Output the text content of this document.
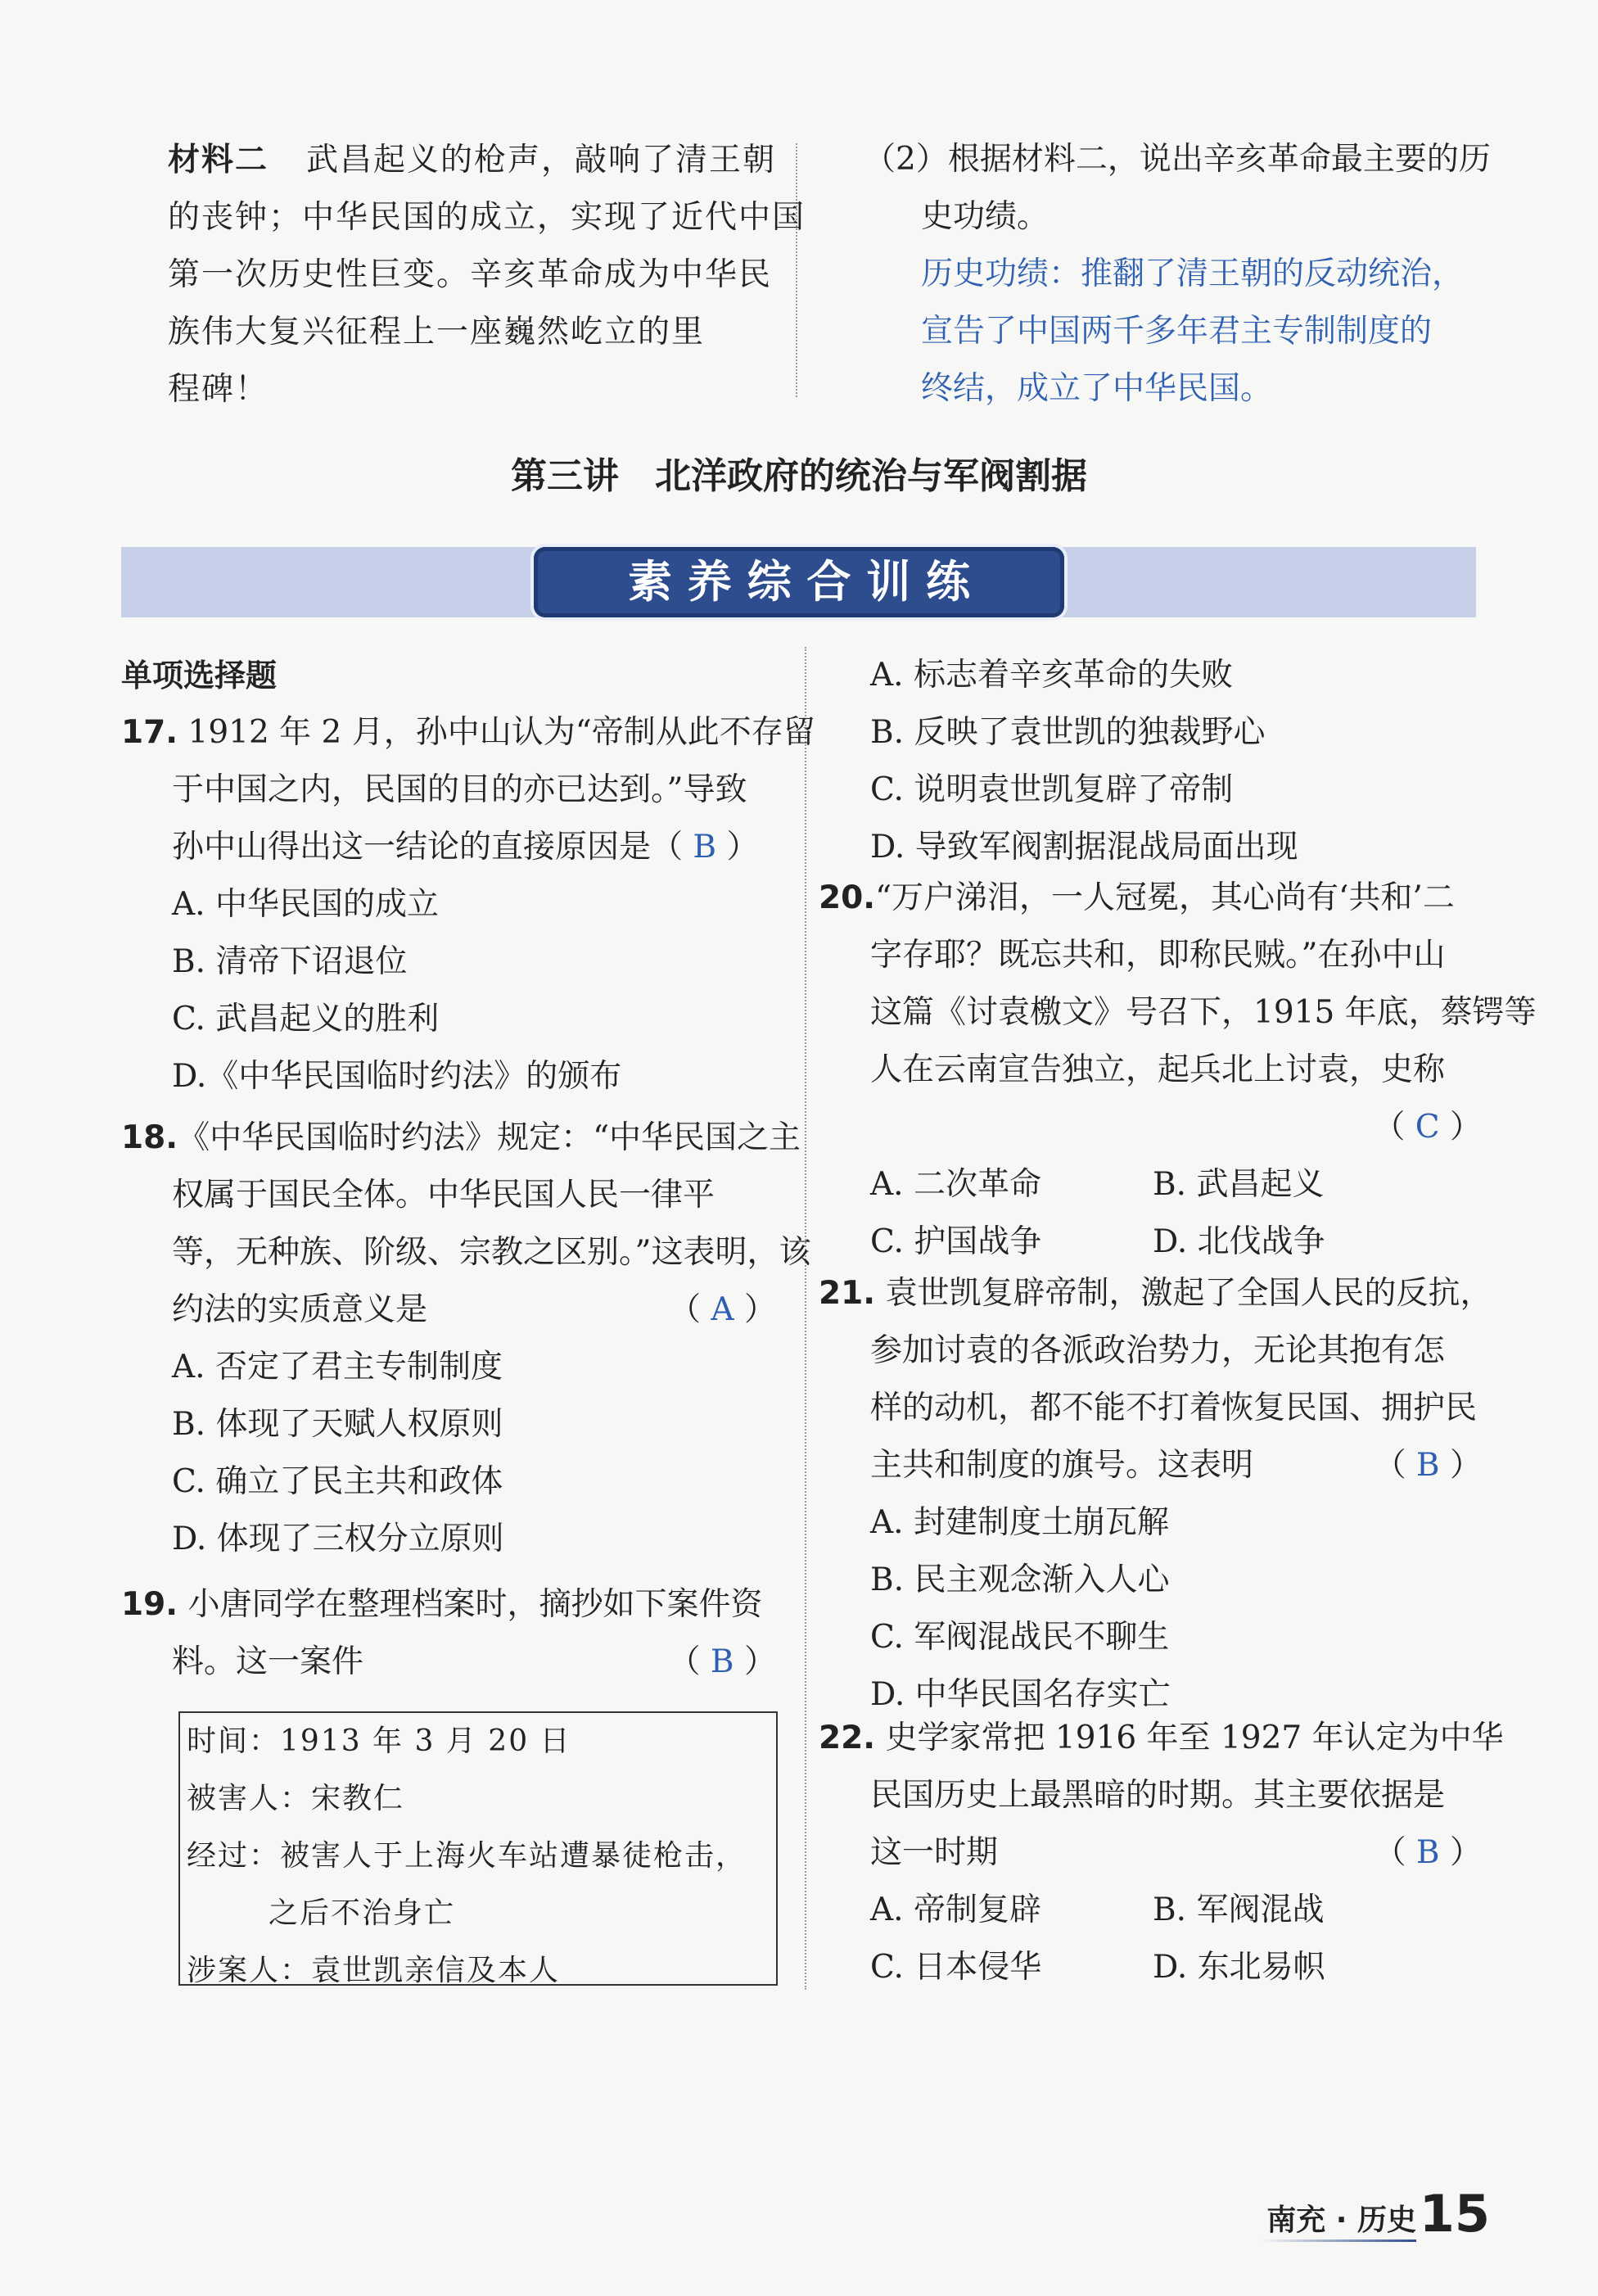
材料二 武昌起义的枪声，敲响了清王朝
的丧钟；中华民国的成立，实现了近代中国
第一次历史性巨变。辛亥革命成为中华民
族伟大复兴征程上一座巍然屹立的里
程碑！
（2）根据材料二，说出辛亥革命最主要的历
史功绩。
历史功绩：推翻了清王朝的反动统治，
宣告了中国两千多年君主专制制度的
终结，成立了中华民国。
第三讲　北洋政府的统治与军阀割据
素 养 综 合 训 练
单项选择题
17. 1912 年 2 月，孙中山认为“帝制从此不存留
于中国之内，民国的目的亦已达到。”导致
孙中山得出这一结论的直接原因是（ B ）
A. 中华民国的成立
B. 清帝下诏退位
C. 武昌起义的胜利
D.《中华民国临时约法》的颁布
18.《中华民国临时约法》规定：“中华民国之主
权属于国民全体。中华民国人民一律平
等，无种族、阶级、宗教之区别。”这表明，该
约法的实质意义是	（ A ）
A. 否定了君主专制制度
B. 体现了天赋人权原则
C. 确立了民主共和政体
D. 体现了三权分立原则
19. 小唐同学在整理档案时，摘抄如下案件资
料。这一案件	（ B ）
时间：1913 年 3 月 20 日
被害人：宋教仁
经过：被害人于上海火车站遭暴徒枪击，
之后不治身亡
涉案人：袁世凯亲信及本人
A. 标志着辛亥革命的失败
B. 反映了袁世凯的独裁野心
C. 说明袁世凯复辟了帝制
D. 导致军阀割据混战局面出现
20.“万户涕泪，一人冠冕，其心尚有‘共和’二
字存耶？既忘共和，即称民贼。”在孙中山
这篇《讨袁檄文》号召下，1915 年底，蔡锷等
人在云南宣告独立，起兵北上讨袁，史称
（ C ）
A. 二次革命	B. 武昌起义
C. 护国战争	D. 北伐战争
21. 袁世凯复辟帝制，激起了全国人民的反抗，
参加讨袁的各派政治势力，无论其抱有怎
样的动机，都不能不打着恢复民国、拥护民
主共和制度的旗号。这表明	（ B ）
A. 封建制度土崩瓦解
B. 民主观念渐入人心
C. 军阀混战民不聊生
D. 中华民国名存实亡
22. 史学家常把 1916 年至 1927 年认定为中华
民国历史上最黑暗的时期。其主要依据是
这一时期	（ B ）
A. 帝制复辟	B. 军阀混战
C. 日本侵华	D. 东北易帜
南充 · 历史 15
